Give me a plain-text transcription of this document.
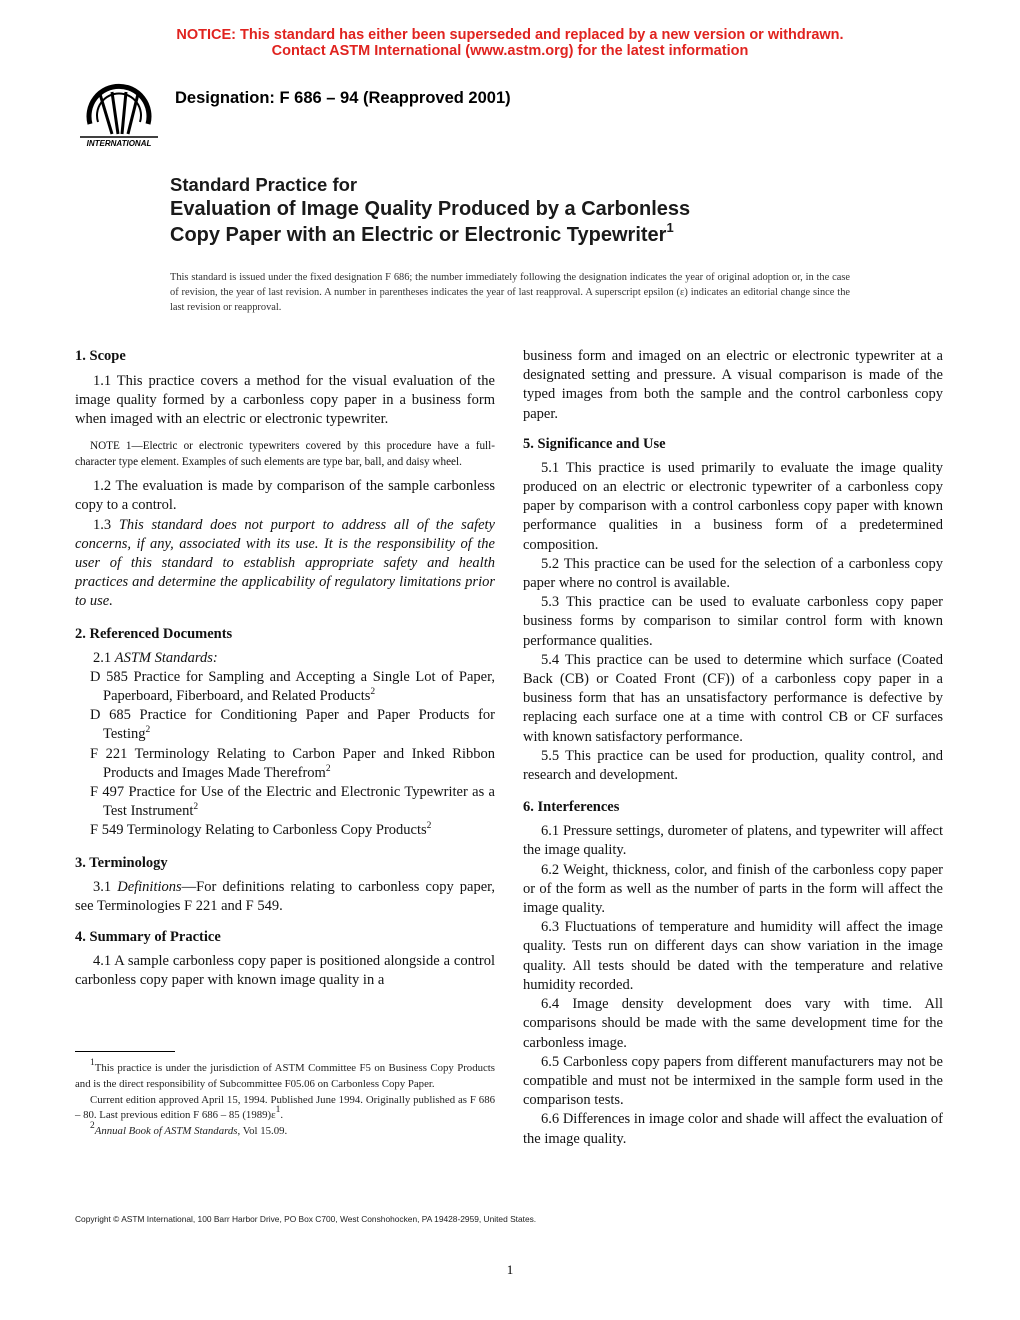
NOTICE: This standard has either been superseded and replaced by a new version or withdrawn.
Contact ASTM International (www.astm.org) for the latest information
INTERNATIONAL
Designation: F 686 – 94 (Reapproved 2001)
Standard Practice for
Evaluation of Image Quality Produced by a Carbonless
Copy Paper with an Electric or Electronic Typewriter$^1$
This standard is issued under the fixed designation F 686; the number immediately following the designation indicates the year of original adoption or, in the case of revision, the year of last revision. A number in parentheses indicates the year of last reapproval. A superscript epsilon (ε) indicates an editorial change since the last revision or reapproval.
1. Scope

1.1 This practice covers a method for the visual evaluation of the image quality formed by a carbonless copy paper in a business form when imaged with an electric or electronic typewriter.

NOTE 1—Electric or electronic typewriters covered by this procedure have a full-character type element. Examples of such elements are type bar, ball, and daisy wheel.

1.2 The evaluation is made by comparison of the sample carbonless copy to a control.

1.3 This standard does not purport to address all of the safety concerns, if any, associated with its use. It is the responsibility of the user of this standard to establish appropriate safety and health practices and determine the applicability of regulatory limitations prior to use.

2. Referenced Documents

2.1 ASTM Standards:

D 585 Practice for Sampling and Accepting a Single Lot of Paper, Paperboard, Fiberboard, and Related Products$^2$

D 685 Practice for Conditioning Paper and Paper Products for Testing$^2$

F 221 Terminology Relating to Carbon Paper and Inked Ribbon Products and Images Made Therefrom$^2$

F 497 Practice for Use of the Electric and Electronic Typewriter as a Test Instrument$^2$

F 549 Terminology Relating to Carbonless Copy Products$^2$

3. Terminology

3.1 Definitions—For definitions relating to carbonless copy paper, see Terminologies F 221 and F 549.

4. Summary of Practice

4.1 A sample carbonless copy paper is positioned alongside a control carbonless copy paper with known image quality in a

$^1$This practice is under the jurisdiction of ASTM Committee F5 on Business Copy Products and is the direct responsibility of Subcommittee F05.06 on Carbonless Copy Paper.

Current edition approved April 15, 1994. Published June 1994. Originally published as F 686 – 80. Last previous edition F 686 – 85 (1989)ε$^1$.

$^2$Annual Book of ASTM Standards, Vol 15.09.

business form and imaged on an electric or electronic typewriter at a designated setting and pressure. A visual comparison is made of the typed images from both the sample and the control carbonless copy paper.

5. Significance and Use

5.1 This practice is used primarily to evaluate the image quality produced on an electric or electronic typewriter of a carbonless copy paper by comparison with a control carbonless copy paper with known performance qualities in a business form of a predetermined composition.

5.2 This practice can be used for the selection of a carbonless copy paper where no control is available.

5.3 This practice can be used to evaluate carbonless copy paper business forms by comparison to similar control form with known performance qualities.

5.4 This practice can be used to determine which surface (Coated Back (CB) or Coated Front (CF)) of a carbonless copy paper in a business form that has an unsatisfactory performance is defective by replacing each surface one at a time with control CB or CF surfaces with known satisfactory performance.

5.5 This practice can be used for production, quality control, and research and development.

6. Interferences

6.1 Pressure settings, durometer of platens, and typewriter will affect the image quality.

6.2 Weight, thickness, color, and finish of the carbonless copy paper or of the form as well as the number of parts in the form will affect the image quality.

6.3 Fluctuations of temperature and humidity will affect the image quality. Tests run on different days can show variation in the image quality. All tests should be dated with the temperature and relative humidity recorded.

6.4 Image density development does vary with time. All comparisons should be made with the same development time for the carbonless image.

6.5 Carbonless copy papers from different manufacturers may not be compatible and must not be intermixed in the sample form used in the comparison tests.

6.6 Differences in image color and shade will affect the evaluation of the image quality.

Copyright © ASTM International, 100 Barr Harbor Drive, PO Box C700, West Conshohocken, PA 19428-2959, United States.
1
